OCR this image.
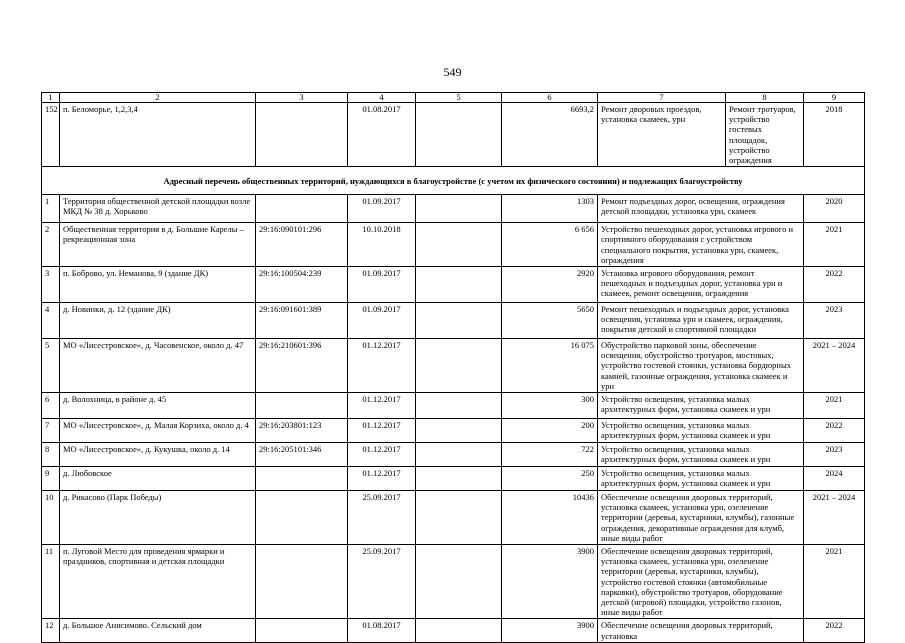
549
1	2	3	4	5	6	7	8	9
152	п. Беломорье, 1,2,3,4		01.08.2017		6693,2	Ремонт дворовых проездов, установка скамеек, урн	Ремонт тротуаров, устройство гостевых площадок, устройство ограждения	2018
Адресный перечень общественных территорий, нуждающихся в благоустройстве (с учетом их физического состояния) и подлежащих благоустройству								
1	Территория общественной детской площадки возле МКД № 38 д. Хорьково		01.09.2017		1303	Ремонт подъездных дорог, освещения, ограждения детской площадки, установка урн, скамеек		2020
2	Общественная территория в д. Большие Карелы – рекреационная зона	29:16:090101:296	10.10.2018		6 656	Устройство пешеходных дорог, установка игрового и спортивного оборудования с устройством специального покрытия, установка урн, скамеек, ограждения		2021
3	п. Боброво, ул. Неманова, 9 (здание ДК)	29:16:100504:239	01.09.2017		2920	Установка игрового оборудования, ремонт пешеходных и подъездных дорог, установка урн и скамеек, ремонт освещения, ограждения		2022
4	д. Новинки, д. 12 (здание ДК)	29:16:091601:389	01.09.2017		5650	Ремонт пешеходных и подъездных дорог, установка освещения, установка урн и скамеек, ограждения, покрытия детской и спортивной площадки		2023
5	МО «Лисестровское», д. Часовенское, около д. 47	29:16:210601:396	01.12.2017		16 075	Обустройство парковой зоны, обеспечение освещения, обустройство тротуаров, мостовых, устройство гостевой стоянки, установка бордюрных камней, газонные ограждения, установка скамеек и урн		2021 – 2024
6	д. Волохница, в районе д. 45		01.12.2017		300	Устройство освещения, установка малых архитектурных форм, установка скамеек и урн		2021
7	МО «Лисестровское», д. Малая Корзиха, около д. 4	29:16:203801:123	01.12.2017		200	Устройство освещения, установка малых архитектурных форм, установка скамеек и урн		2022
8	МО «Лисестровское», д. Кукушка, около д. 14	29:16:205101:346	01.12.2017		722	Устройство освещения, установка малых архитектурных форм, установка скамеек и урн		2023
9	д. Любовское		01.12.2017		250	Устройство освещения, установка малых архитектурных форм, установка скамеек и урн		2024
10	д. Рикасово (Парк Победы)		25.09.2017		10436	Обеспечение освещения дворовых территорий, установка скамеек, установка урн, озеленение территории (деревья, кустарники, клумбы), газонные ограждения, декоративные ограждения для клумб, иные виды работ		2021 – 2024
11	п. Луговой Место для проведения ярмарки и праздников, спортивная и детская площадки		25.09.2017		3900	Обеспечение освещения дворовых территорий, установка скамеек, установка урн, озеленение территории (деревья, кустарники, клумбы), устройство гостевой стоянки (автомобильные парковки), обустройство тротуаров, оборудование детской (игровой) площадки, устройство газонов, иные виды работ		2021
12	д. Большое Анисимово. Сельский дом		01.08.2017		3900	Обеспечение освещения дворовых территорий, установка		2022
